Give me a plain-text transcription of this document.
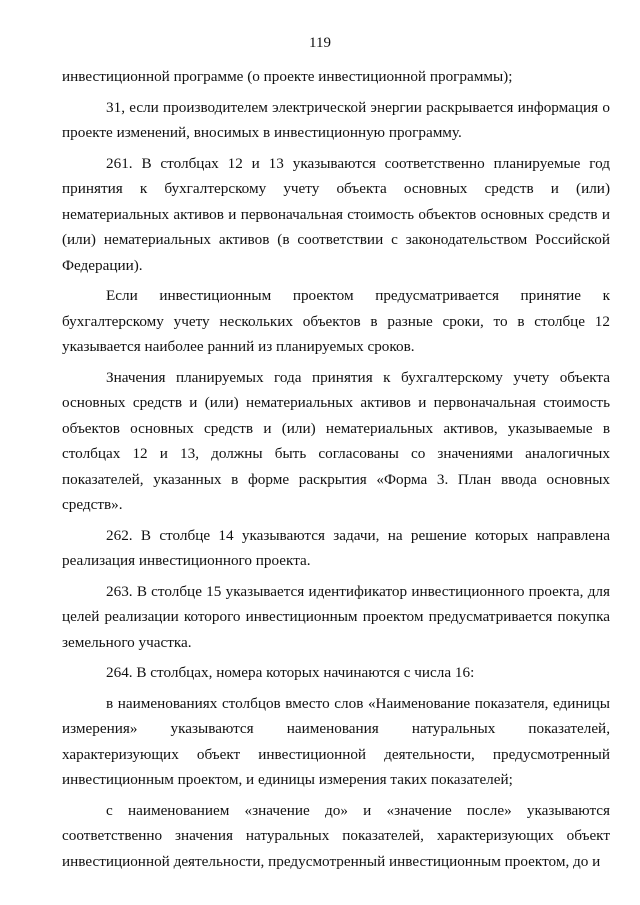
119

инвестиционной программе (о проекте инвестиционной программы);

31, если производителем электрической энергии раскрывается информация о проекте изменений, вносимых в инвестиционную программу.

261. В столбцах 12 и 13 указываются соответственно планируемые год принятия к бухгалтерскому учету объекта основных средств и (или) нематериальных активов и первоначальная стоимость объектов основных средств и (или) нематериальных активов (в соответствии с законодательством Российской Федерации).

Если инвестиционным проектом предусматривается принятие к бухгалтерскому учету нескольких объектов в разные сроки, то в столбце 12 указывается наиболее ранний из планируемых сроков.

Значения планируемых года принятия к бухгалтерскому учету объекта основных средств и (или) нематериальных активов и первоначальная стоимость объектов основных средств и (или) нематериальных активов, указываемые в столбцах 12 и 13, должны быть согласованы со значениями аналогичных показателей, указанных в форме раскрытия «Форма 3. План ввода основных средств».

262. В столбце 14 указываются задачи, на решение которых направлена реализация инвестиционного проекта.

263. В столбце 15 указывается идентификатор инвестиционного проекта, для целей реализации которого инвестиционным проектом предусматривается покупка земельного участка.

264. В столбцах, номера которых начинаются с числа 16:

в наименованиях столбцов вместо слов «Наименование показателя, единицы измерения» указываются наименования натуральных показателей, характеризующих объект инвестиционной деятельности, предусмотренный инвестиционным проектом, и единицы измерения таких показателей;

с наименованием «значение до» и «значение после» указываются соответственно значения натуральных показателей, характеризующих объект инвестиционной деятельности, предусмотренный инвестиционным проектом, до и
